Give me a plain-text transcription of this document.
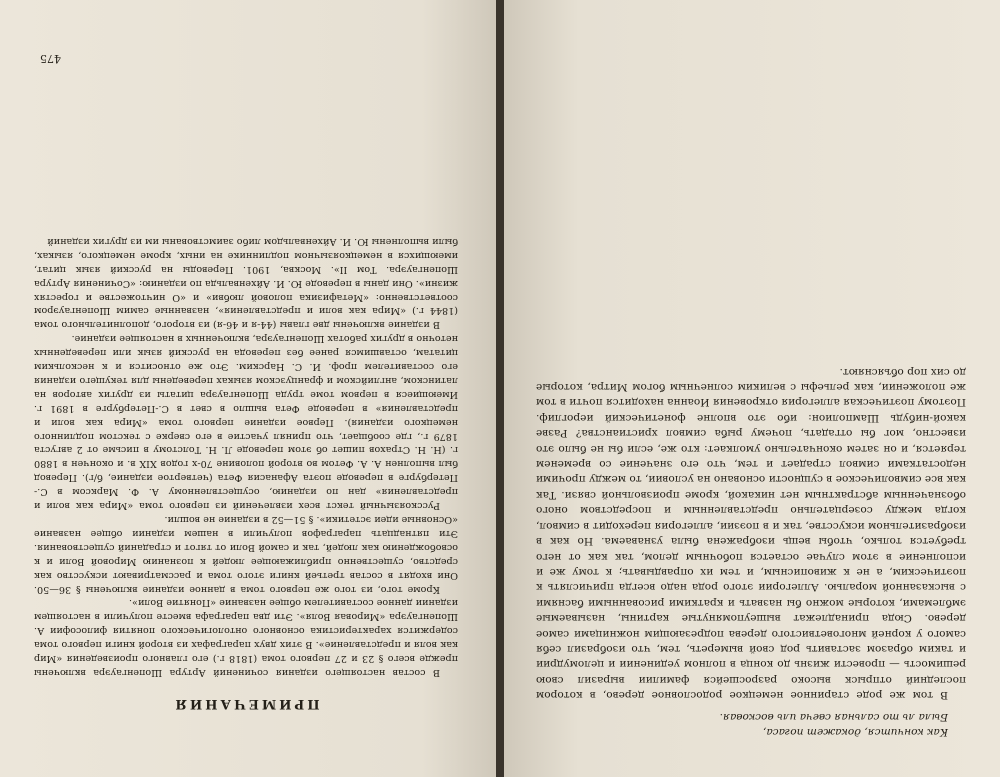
Как кончится, докажет погаса,
Была ль то сальная свеча иль восковая.

В том же роде старинное немецкое родословное дерево, в котором последний отпрыск высоко разросшейся фамилии выразил свою решимость — провести жизнь до конца в полном уединении и целомудрии и таким образом заставить род свой вымереть, тем, что изобразил себя самого у корней многоветвистого дерева подрезающим ножницами самое дерево. Сюда принадлежат вышеупомянутые картины, называемые эмблемами, которые можно бы назвать и краткими рисованными баснями с высказанной моралью. Аллегории этого рода надо всегда причислять к поэтическим, а не к живописным, и тем их оправдывать; к тому же и исполнение в этом случае остается побочным делом, так как от него требуется только, чтобы вещь изображена была узнаваема. Но как в изобразительном искусстве, так и в поэзии, аллегория переходит в символ, когда между созерцательно представленным и посредством оного обозначенным абстрактным нет никакой, кроме произвольной связи. Так как все символическое в сущности основано на условии, то между прочими недостатками символ страдает и тем, что его значение со временем теряется, и он затем окончательно умолкает: кто же, если бы не было это известно, мог бы отгадать, почему рыба символ христианства? Разве какой-нибудь Шамполион: ибо это вполне фонетический иероглиф. Поэтому поэтическая аллегория откровения Иоанна находится почти в том же положении, как рельефы с великим солнечным богом Митра, которые до сих пор объясняют.

ПРИМЕЧАНИЯ

В состав настоящего издания сочинений Артура Шопенгауэра включены прежде всего § 23 и 27 первого тома (1818 г.) его главного произведения «Мир как воля и представление». В этих двух параграфах из второй книги первого тома содержится характеристика основного онтологического понятия философии А. Шопенгауэра «Мировая Воля». Эти два параграфа вместе получили в настоящем издании данное составителем общее название «Понятие Воли».

Кроме того, из того же первого тома в данное издание включены § 36—50. Они входят в состав третьей книги этого тома и рассматривают искусство как средство, существенно приближающее людей к познанию Мировой Воли и к освобождению как людей, так и самой Воли от тягот и страданий существования. Эти пятнадцать параграфов получили в нашем издании общее название «Основные идеи эстетики». § 51—52 в издание не вошли.

Русскоязычный текст всех извлечений из первого тома «Мира как воли и представления» дан по изданию, осуществленному А. Ф. Марксом в С.-Петербурге в переводе поэта Афанасия Фета (четвертое издание, б/г). Перевод был выполнен А. А. Фетом во второй половине 70-х годов XIX в. и окончен в 1880 г. (Н. Н. Страхов пишет об этом переводе Л. Н. Толстому в письме от 2 августа 1879 г., где сообщает, что принял участие в его сверке с текстом подлинного немецкого издания). Первое издание первого тома «Мира как воли и представления» в переводе Фета вышло в свет в С.-Петербурге в 1891 г. Имеющиеся в первом томе труда Шопенгауэра цитаты из других авторов на латинском, английском и французском языках переведены для текущего издания его составителем проф. И. С. Нарским. Это же относится и к нескольким цитатам, оставшимся ранее без перевода на русский язык или переведенных неточно в других работах Шопенгауэра, включенных в настоящее издание.

В издание включены две главы (44-я и 46-я) из второго, дополнительного тома (1844 г.) «Мира как воли и представления», названные самим Шопенгауэром соответственно: «Метафизика половой любви» и «О ничтожестве и горестях жизни». Они даны в переводе Ю. И. Айхенвальда по изданию: «Сочинения Артура Шопенгауэра. Том II». Москва, 1901. Переводы на русский язык цитат, имеющихся в немецкоязычном подлиннике на иных, кроме немецкого, языках, были выполнены Ю. И. Айхенвальдом либо заимствованы им из других изданий

475
